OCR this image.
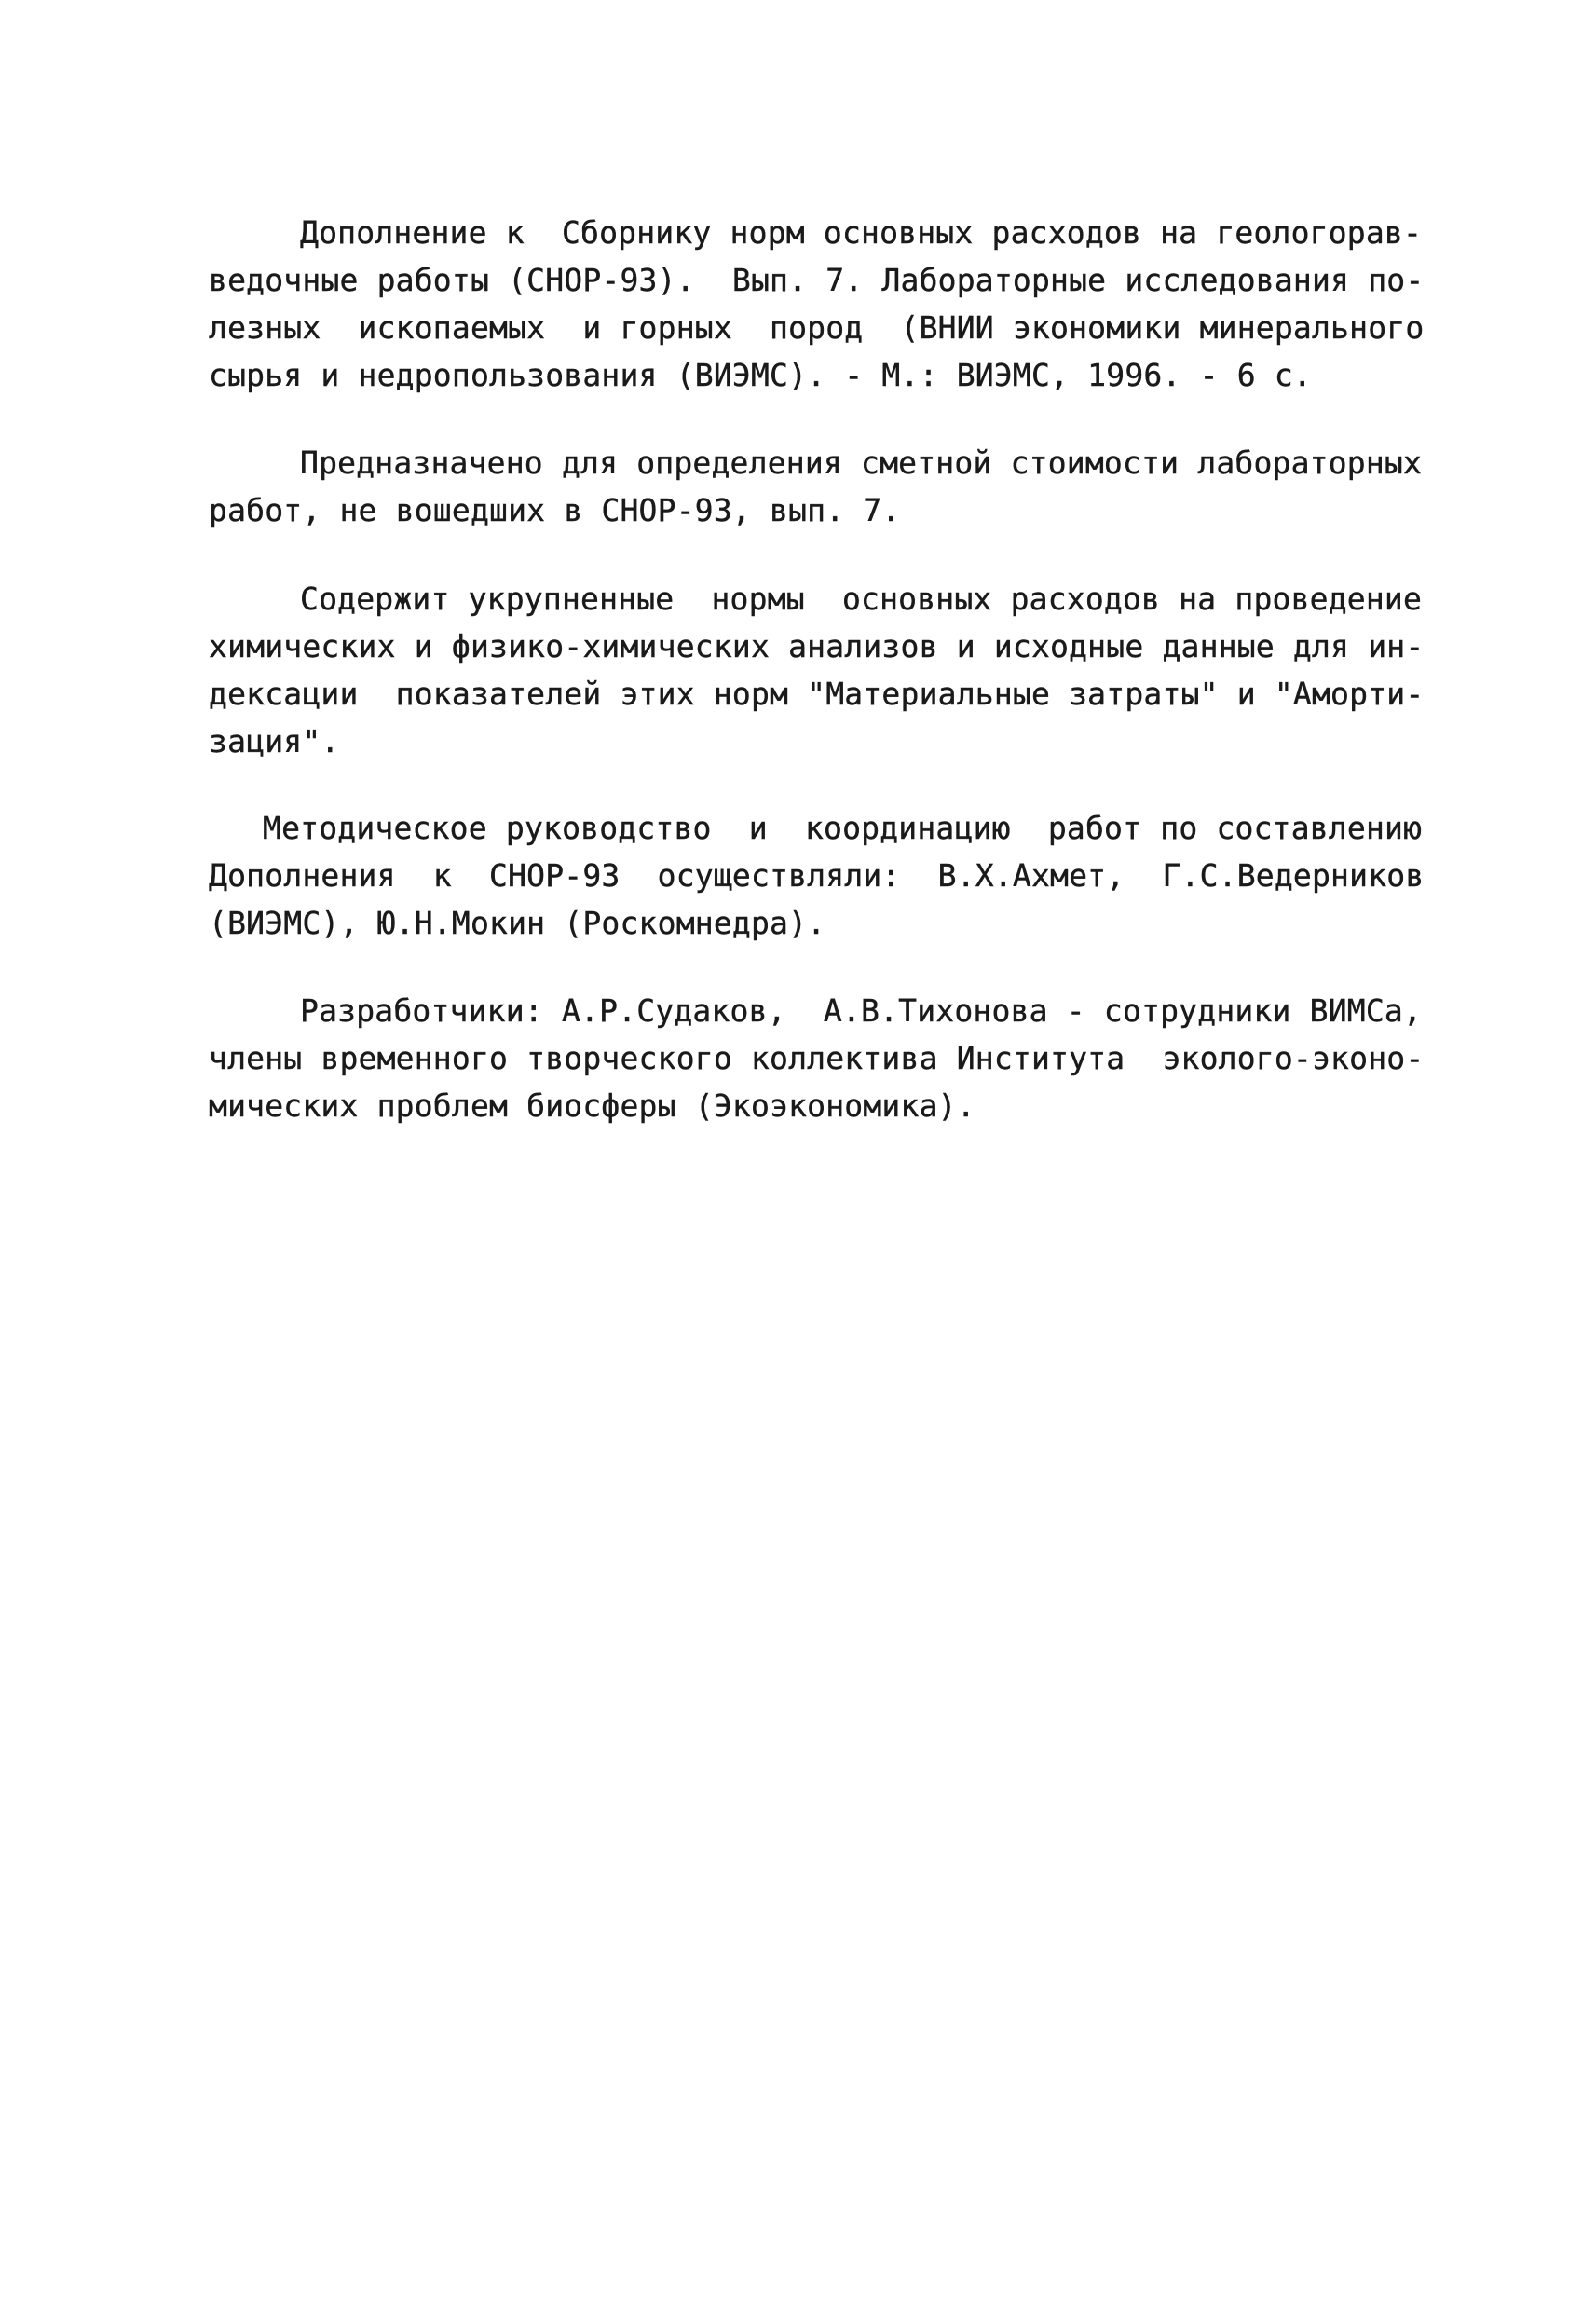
Дополнение к  Сборнику норм основных расходов на геологорав-

ведочные работы (СНОР-93).  Вып. 7. Лабораторные исследования по-

лезных  ископаемых  и горных  пород  (ВНИИ экономики минерального

сырья и недропользования (ВИЭМС). - М.: ВИЭМС, 1996. - 6 с.

Предназначено для определения сметной стоимости лабораторных

работ, не вошедших в СНОР-93, вып. 7.

Содержит укрупненные  нормы  основных расходов на проведение

химических и физико-химических анализов и исходные данные для ин-

дексации  показателей этих норм "Материальные затраты" и "Аморти-

зация".

Методическое руководство  и  координацию  работ по составлению

Дополнения  к  СНОР-93  осуществляли:  В.Х.Ахмет,  Г.С.Ведерников

(ВИЭМС), Ю.Н.Мокин (Роскомнедра).

Разработчики: А.Р.Судаков,  А.В.Тихонова - сотрудники ВИМСа,

члены временного творческого коллектива Института  эколого-эконо-

мических проблем биосферы (Экоэкономика).
